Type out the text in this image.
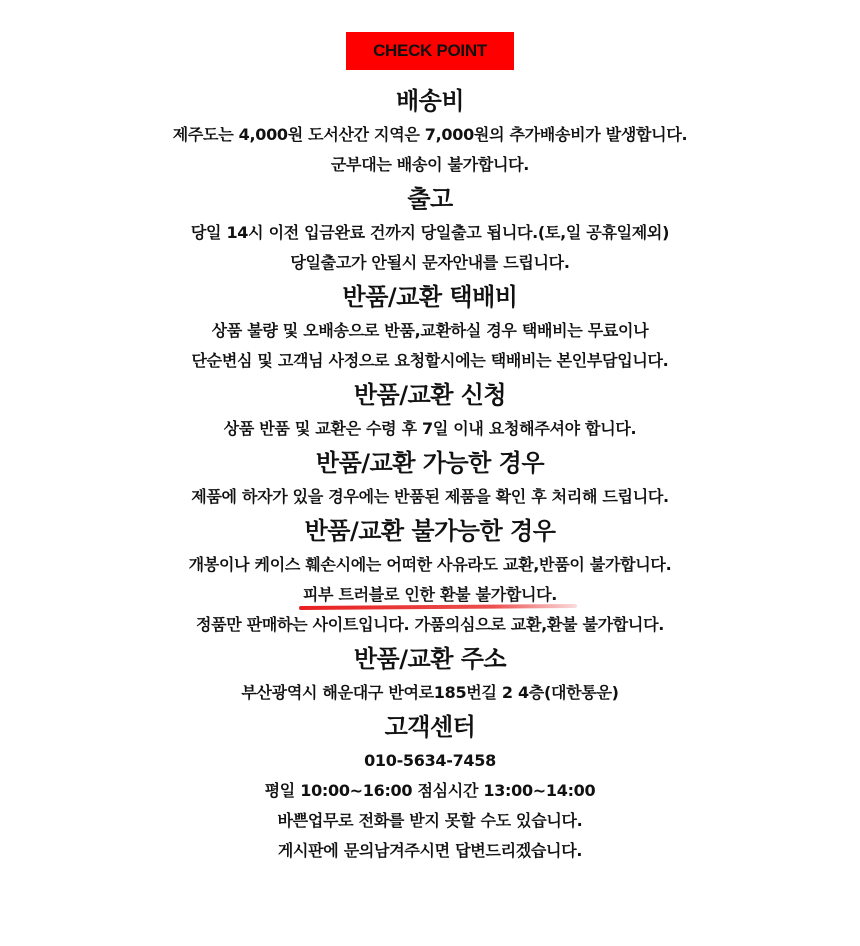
CHECK POINT
배송비
제주도는 4,000원 도서산간 지역은 7,000원의 추가배송비가 발생합니다.
군부대는 배송이 불가합니다.
출고
당일 14시 이전 입금완료 건까지 당일출고 됩니다.(토,일 공휴일제외)
당일출고가 안될시 문자안내를 드립니다.
반품/교환 택배비
상품 불량 및 오배송으로 반품,교환하실 경우 택배비는 무료이나
단순변심 및 고객님 사정으로 요청할시에는 택배비는 본인부담입니다.
반품/교환 신청
상품 반품 및 교환은 수령 후 7일 이내 요청해주셔야 합니다.
반품/교환 가능한 경우
제품에 하자가 있을 경우에는 반품된 제품을 확인 후 처리해 드립니다.
반품/교환 불가능한 경우
개봉이나 케이스 훼손시에는 어떠한 사유라도 교환,반품이 불가합니다.
피부 트러블로 인한 환불 불가합니다.
정품만 판매하는 사이트입니다. 가품의심으로 교환,환불 불가합니다.
반품/교환 주소
부산광역시 해운대구 반여로185번길 2 4층(대한통운)
고객센터
010-5634-7458
평일 10:00~16:00 점심시간 13:00~14:00
바쁜업무로 전화를 받지 못할 수도 있습니다.
게시판에 문의남겨주시면 답변드리겠습니다.
